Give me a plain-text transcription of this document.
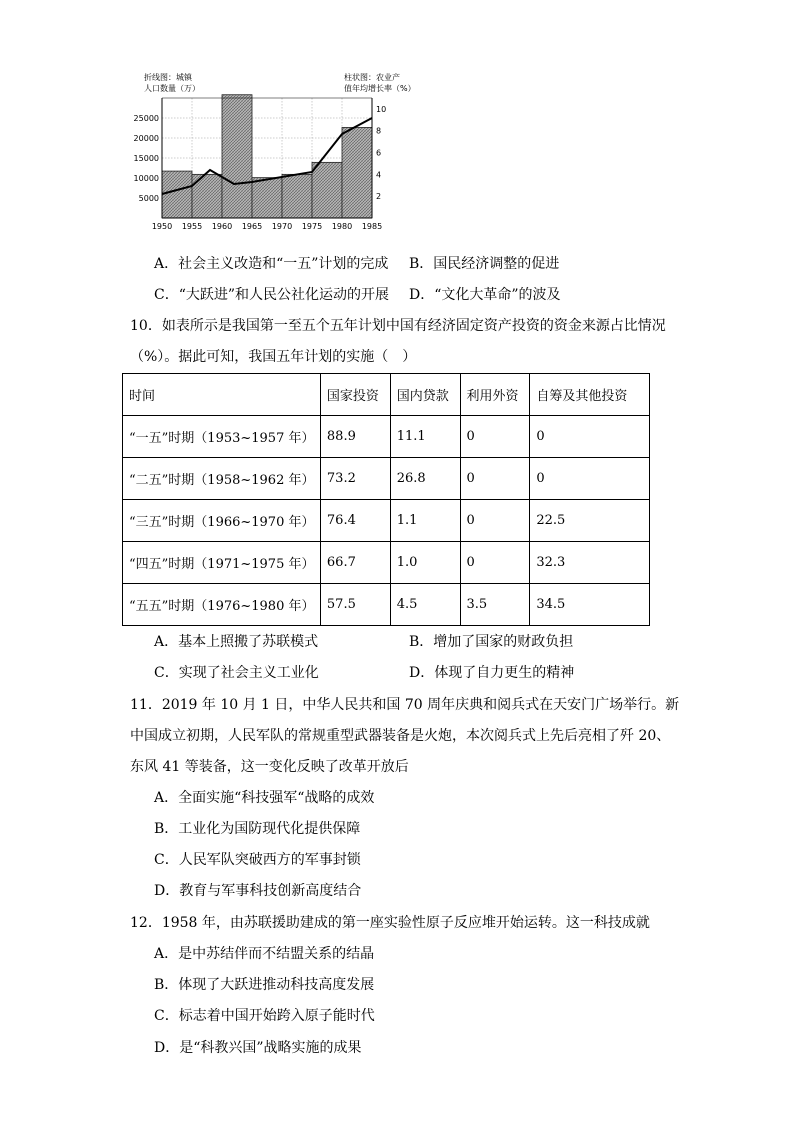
折线图：城镇
人口数量（万）
柱状图：农业产
值年均增长率（%）
1950 1955 1960 1965 1970 1975 1980 1985
5000
10000
15000
20000
25000
2
4
6
8
10
A．社会主义改造和“一五”计划的完成 B．国民经济调整的促进
C．“大跃进”和人民公社化运动的开展 D．“文化大革命”的波及
10．如表所示是我国第一至五个五年计划中国有经济固定资产投资的资金来源占比情况
（%）。据此可知，我国五年计划的实施（　）
时间	国家投资	国内贷款	利用外资	自筹及其他投资
“一五”时期（1953~1957 年）	88.9	11.1	0	0
“二五”时期（1958~1962 年）	73.2	26.8	0	0
“三五”时期（1966~1970 年）	76.4	1.1	0	22.5
“四五”时期（1971~1975 年）	66.7	1.0	0	32.3
“五五”时期（1976~1980 年）	57.5	4.5	3.5	34.5
A．基本上照搬了苏联模式	B．增加了国家的财政负担
C．实现了社会主义工业化	D．体现了自力更生的精神
11．2019 年 10 月 1 日，中华人民共和国 70 周年庆典和阅兵式在天安门广场举行。新
中国成立初期，人民军队的常规重型武器装备是火炮，本次阅兵式上先后亮相了歼 20、
东风 41 等装备，这一变化反映了改革开放后
A．全面实施“科技强军“战略的成效
B．工业化为国防现代化提供保障
C．人民军队突破西方的军事封锁
D．教育与军事科技创新高度结合
12．1958 年，由苏联援助建成的第一座实验性原子反应堆开始运转。这一科技成就
A．是中苏结伴而不结盟关系的结晶
B．体现了大跃进推动科技高度发展
C．标志着中国开始跨入原子能时代
D．是“科教兴国”战略实施的成果
